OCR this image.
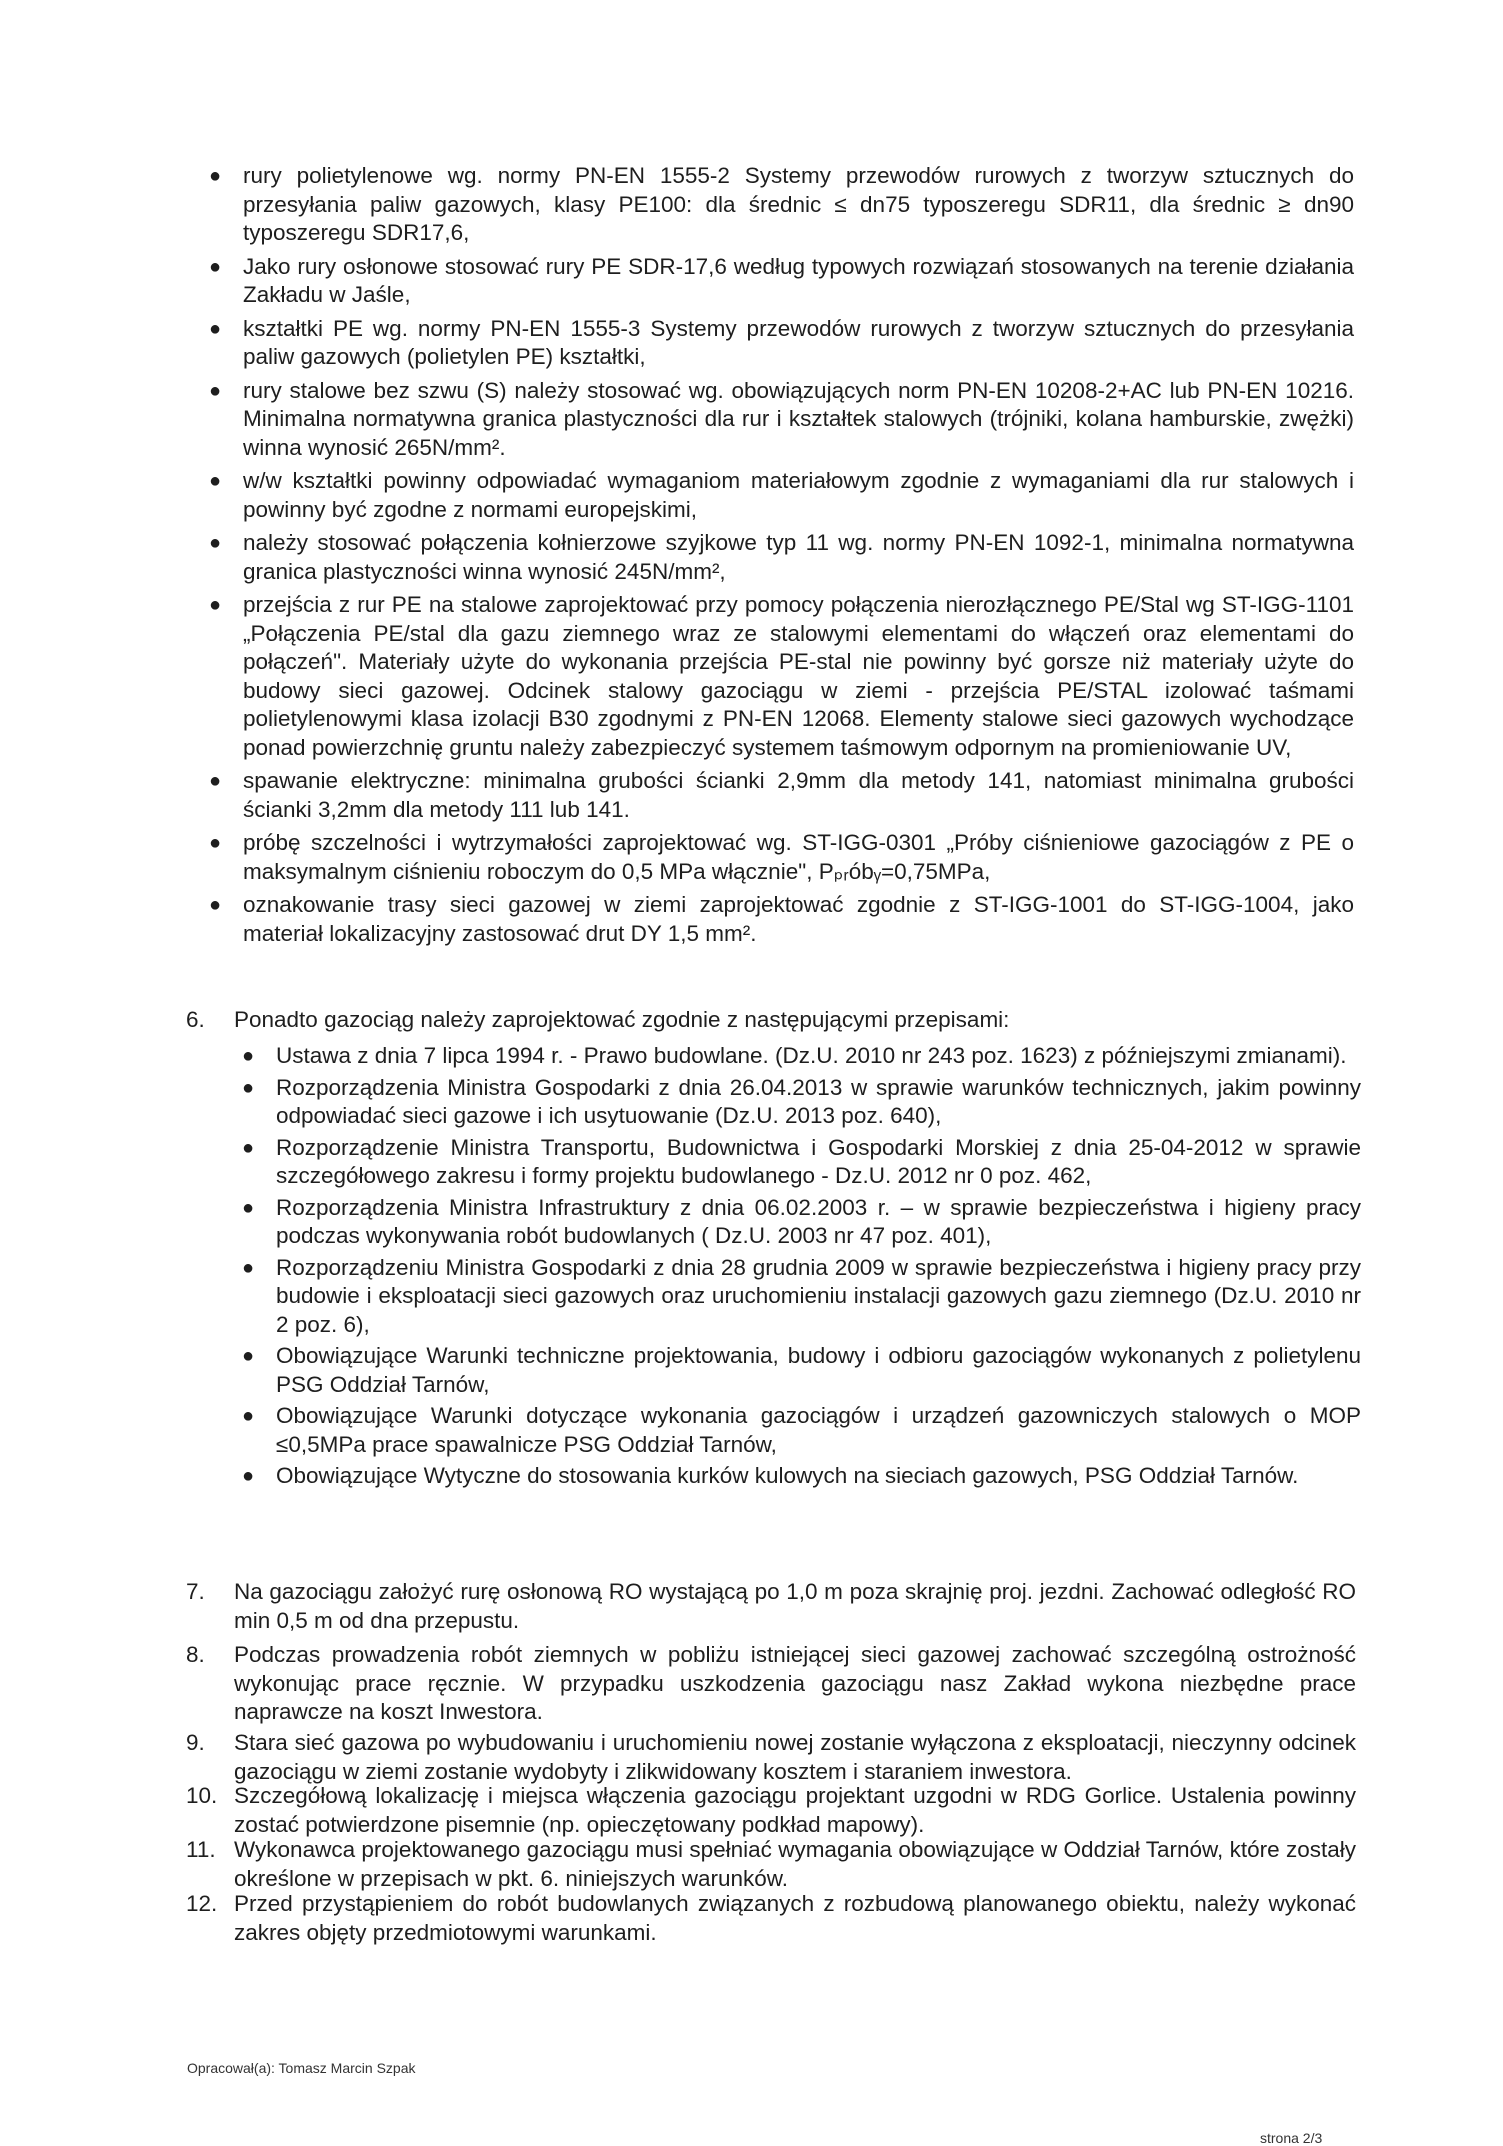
● rury polietylenowe wg. normy PN-EN 1555-2 Systemy przewodów rurowych z tworzyw sztucznych do przesyłania paliw gazowych, klasy PE100: dla średnic ≤ dn75 typoszeregu SDR11, dla średnic ≥ dn90 typoszeregu SDR17,6,
● Jako rury osłonowe stosować rury PE SDR-17,6 według typowych rozwiązań stosowanych na terenie działania Zakładu w Jaśle,
● kształtki PE wg. normy PN-EN 1555-3 Systemy przewodów rurowych z tworzyw sztucznych do przesyłania paliw gazowych (polietylen PE) kształtki,
● rury stalowe bez szwu (S) należy stosować wg. obowiązujących norm PN-EN 10208-2+AC lub PN-EN 10216. Minimalna normatywna granica plastyczności dla rur i kształtek stalowych (trójniki, kolana hamburskie, zwężki) winna wynosić 265N/mm².
● w/w kształtki powinny odpowiadać wymaganiom materiałowym zgodnie z wymaganiami dla rur stalowych i powinny być zgodne z normami europejskimi,
● należy stosować połączenia kołnierzowe szyjkowe typ 11 wg. normy PN-EN 1092-1, minimalna normatywna granica plastyczności winna wynosić 245N/mm²,
● przejścia z rur PE na stalowe zaprojektować przy pomocy połączenia nierozłącznego PE/Stal wg ST-IGG-1101 „Połączenia PE/stal dla gazu ziemnego wraz ze stalowymi elementami do włączeń oraz elementami do połączeń". Materiały użyte do wykonania przejścia PE-stal nie powinny być gorsze niż materiały użyte do budowy sieci gazowej. Odcinek stalowy gazociągu w ziemi - przejścia PE/STAL izolować taśmami polietylenowymi klasa izolacji B30 zgodnymi z PN-EN 12068. Elementy stalowe sieci gazowych wychodzące ponad powierzchnię gruntu należy zabezpieczyć systemem taśmowym odpornym na promieniowanie UV,
● spawanie elektryczne: minimalna grubości ścianki 2,9mm dla metody 141, natomiast minimalna grubości ścianki 3,2mm dla metody 111 lub 141.
● próbę szczelności i wytrzymałości zaprojektować wg. ST-IGG-0301 „Próby ciśnieniowe gazociągów z PE o maksymalnym ciśnieniu roboczym do 0,5 MPa włącznie", Pₚᵣóbᵧ=0,75MPa,
● oznakowanie trasy sieci gazowej w ziemi zaprojektować zgodnie z ST-IGG-1001 do ST-IGG-1004, jako materiał lokalizacyjny zastosować drut DY 1,5 mm².
6. Ponadto gazociąg należy zaprojektować zgodnie z następującymi przepisami:
● Ustawa z dnia 7 lipca 1994 r. - Prawo budowlane. (Dz.U. 2010 nr 243 poz. 1623) z późniejszymi zmianami).
● Rozporządzenia Ministra Gospodarki z dnia 26.04.2013 w sprawie warunków technicznych, jakim powinny odpowiadać sieci gazowe i ich usytuowanie (Dz.U. 2013 poz. 640),
● Rozporządzenie Ministra Transportu, Budownictwa i Gospodarki Morskiej z dnia 25-04-2012 w sprawie szczegółowego zakresu i formy projektu budowlanego - Dz.U. 2012 nr 0 poz. 462,
● Rozporządzenia Ministra Infrastruktury z dnia 06.02.2003 r. – w sprawie bezpieczeństwa i higieny pracy podczas wykonywania robót budowlanych ( Dz.U. 2003 nr 47 poz. 401),
● Rozporządzeniu Ministra Gospodarki z dnia 28 grudnia 2009 w sprawie bezpieczeństwa i higieny pracy przy budowie i eksploatacji sieci gazowych oraz uruchomieniu instalacji gazowych gazu ziemnego (Dz.U. 2010 nr 2 poz. 6),
● Obowiązujące Warunki techniczne projektowania, budowy i odbioru gazociągów wykonanych z polietylenu PSG Oddział Tarnów,
● Obowiązujące Warunki dotyczące wykonania gazociągów i urządzeń gazowniczych stalowych o MOP ≤0,5MPa prace spawalnicze PSG Oddział Tarnów,
● Obowiązujące Wytyczne do stosowania kurków kulowych na sieciach gazowych, PSG Oddział Tarnów.
7. Na gazociągu założyć rurę osłonową RO wystającą po 1,0 m poza skrajnię proj. jezdni. Zachować odległość RO min 0,5 m od dna przepustu.
8. Podczas prowadzenia robót ziemnych w pobliżu istniejącej sieci gazowej zachować szczególną ostrożność wykonując prace ręcznie. W przypadku uszkodzenia gazociągu nasz Zakład wykona niezbędne prace naprawcze na koszt Inwestora.
9. Stara sieć gazowa po wybudowaniu i uruchomieniu nowej zostanie wyłączona z eksploatacji, nieczynny odcinek gazociągu w ziemi zostanie wydobyty i zlikwidowany kosztem i staraniem inwestora.
10. Szczegółową lokalizację i miejsca włączenia gazociągu projektant uzgodni w RDG Gorlice. Ustalenia powinny zostać potwierdzone pisemnie (np. opieczętowany podkład mapowy).
11. Wykonawca projektowanego gazociągu musi spełniać wymagania obowiązujące w Oddział Tarnów, które zostały określone w przepisach w pkt. 6. niniejszych warunków.
12. Przed przystąpieniem do robót budowlanych związanych z rozbudową planowanego obiektu, należy wykonać zakres objęty przedmiotowymi warunkami.
Opracował(a): Tomasz Marcin Szpak
strona 2/3
